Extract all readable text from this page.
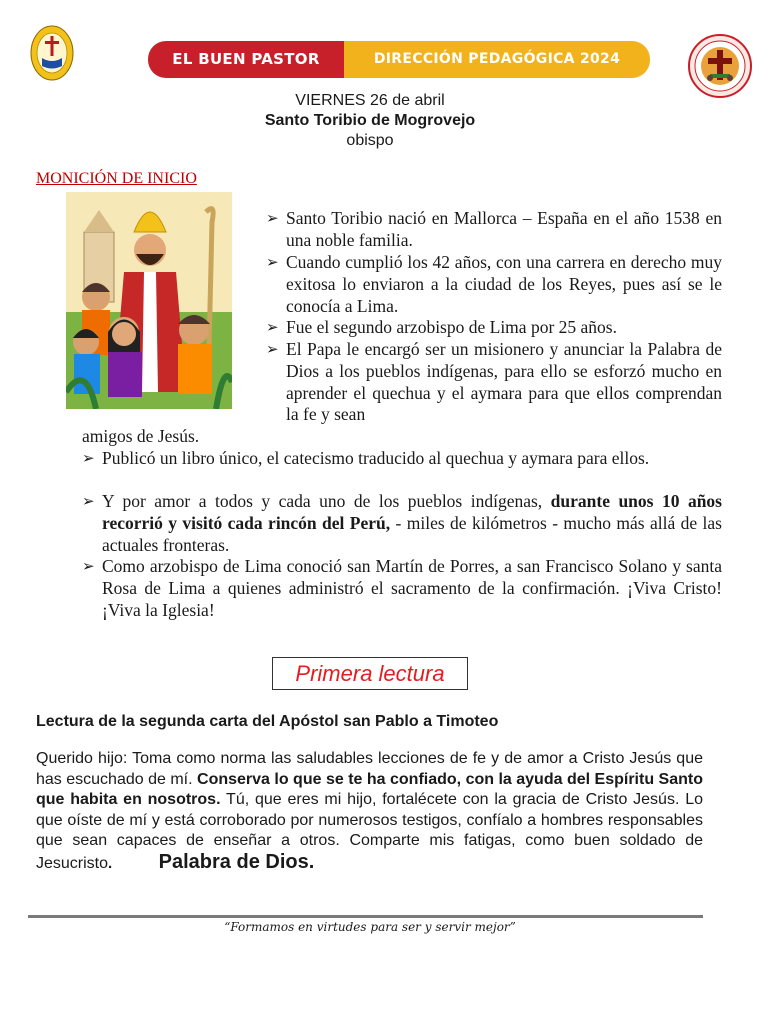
EL BUEN PASTOR	DIRECCIÓN PEDAGÓGICA 2024
VIERNES 26 de abril
Santo Toribio de Mogrovejo
obispo
MONICIÓN DE INICIO
➢ Santo Toribio nació en Mallorca – España en el año 1538 en una noble familia.
➢ Cuando cumplió los 42 años, con una carrera en derecho muy exitosa lo enviaron a la ciudad de los Reyes, pues así se le conocía a Lima.
➢ Fue el segundo arzobispo de Lima por 25 años.
➢ El Papa le encargó ser un misionero y anunciar la Palabra de Dios a los pueblos indígenas, para ello se esforzó mucho en aprender el quechua y el aymara para que ellos comprendan la fe y sean
amigos de Jesús.
➢ Publicó un libro único, el catecismo traducido al quechua y aymara para ellos.
➢ Y por amor a todos y cada uno de los pueblos indígenas, durante unos 10 años recorrió y visitó cada rincón del Perú, - miles de kilómetros - mucho más allá de las actuales fronteras.
➢ Como arzobispo de Lima conoció san Martín de Porres, a san Francisco Solano y santa Rosa de Lima a quienes administró el sacramento de la confirmación. ¡Viva Cristo! ¡Viva la Iglesia!
Primera lectura
Lectura de la segunda carta del Apóstol san Pablo a Timoteo
Querido hijo: Toma como norma las saludables lecciones de fe y de amor a Cristo Jesús que has escuchado de mí. Conserva lo que se te ha confiado, con la ayuda del Espíritu Santo que habita en nosotros. Tú, que eres mi hijo, fortalécete con la gracia de Cristo Jesús. Lo que oíste de mí y está corroborado por numerosos testigos, confíalo a hombres responsables que sean capaces de enseñar a otros. Comparte mis fatigas, como buen soldado de Jesucristo. Palabra de Dios.
“Formamos en virtudes para ser y servir mejor”
